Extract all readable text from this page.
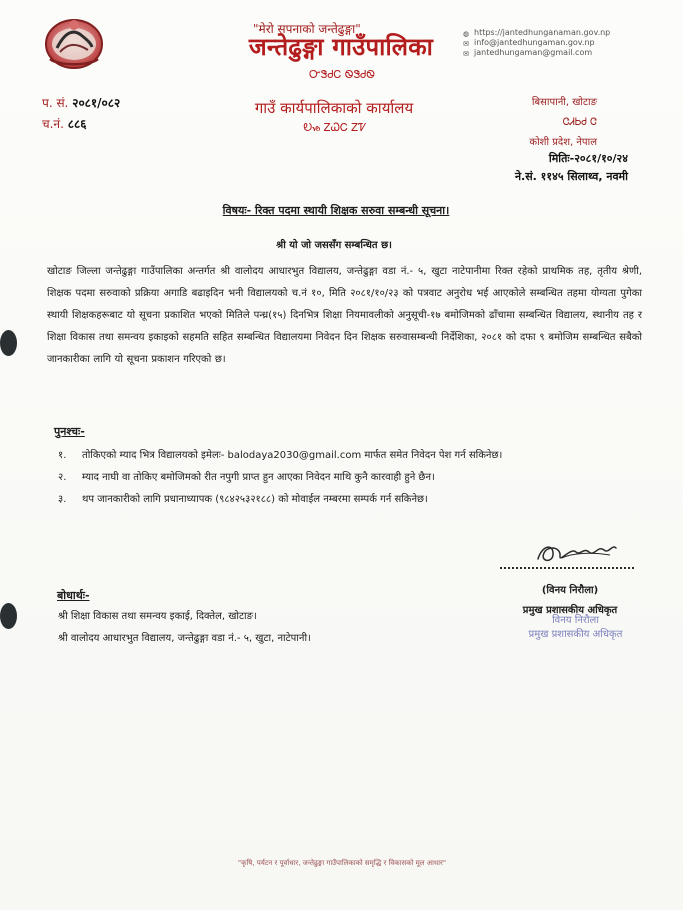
"मेरो सपनाको जन्तेढुङ्गा"
जन्तेढुङ्गा गाउँपालिका
ᏅᏕᏧᏟ ᏫᏕᏧᏫ
गाउँ कार्यपालिकाको कार्यालय
Ꭷᏹ ᏃᏇᏟ ᏃᏤ
◍ https://jantedhunganaman.gov.np
✉ info@jantedhungaman.gov.np
✉ jantedhungaman@gmail.com
प. सं. २०८१/०८२
च.नं. ८८६
बिसापानी, खोटाङ
ᏣᏗᏏᏧ Ꮳ
कोशी प्रदेश, नेपाल
मितिः-२०८१/१०/२४
ने.सं. ११४५ सिलाथ्व, नवमी
विषयः- रिक्त पदमा स्थायी शिक्षक सरुवा सम्बन्धी सूचना।
श्री यो जो जससँग सम्बन्धित छ।
खोटाङ जिल्ला जन्तेढुङ्गा गाउँपालिका अन्तर्गत श्री वालोदय आधारभुत विद्यालय, जन्तेढुङ्गा वडा नं.- ५, खुटा नाटेपानीमा रिक्त रहेको प्राथमिक तह, तृतीय श्रेणी, शिक्षक पदमा सरुवाको प्रक्रिया अगाडि बढाइदिन भनी विद्यालयको च.नं १०, मिति २०८१/१०/२३ को पत्रवाट अनुरोध भई आएकोले सम्बन्धित तहमा योग्यता पुगेका स्थायी शिक्षकहरूबाट यो सूचना प्रकाशित भएको मितिले पन्ध्र(१५) दिनभित्र शिक्षा नियमावलीको अनुसूची-१७ बमोजिमको ढाँचामा सम्बन्धित विद्यालय, स्थानीय तह र शिक्षा विकास तथा समन्वय इकाइको सहमति सहित सम्बन्धित विद्यालयमा निवेदन दिन शिक्षक सरुवासम्बन्धी निर्देशिका, २०८१ को दफा ९ बमोजिम सम्बन्धित सबैको जानकारीका लागि यो सूचना प्रकाशन गरिएको छ।
पुनश्चः-
१.	तोकिएको म्याद भित्र विद्यालयको इमेलः- balodaya2030@gmail.com मार्फत समेत निवेदन पेश गर्न सकिनेछ।
२.	म्याद नाघी वा तोकिए बमोजिमको रीत नपुगी प्राप्त हुन आएका निवेदन माथि कुनै कारवाही हुने छैन।
३.	थप जानकारीको लागि प्रधानाध्यापक (९८४२५३२१८८) को मोवाईल नम्बरमा सम्पर्क गर्न सकिनेछ।
(विनय निरौला)
प्रमुख प्रशासकीय अधिकृत
विनय निरौला
प्रमुख प्रशासकीय अधिकृत
बोधार्थः-
श्री शिक्षा विकास तथा समन्वय इकाई, दिक्तेल, खोटाङ।
श्री वालोदय आधारभुत विद्यालय, जन्तेढुङ्गा वडा नं.- ५, खुटा, नाटेपानी।
"कृषि, पर्यटन र पूर्वाधार, जन्तेढुङ्गा गाउँपालिकाको समृद्धि र विकासको मूल आधार"
